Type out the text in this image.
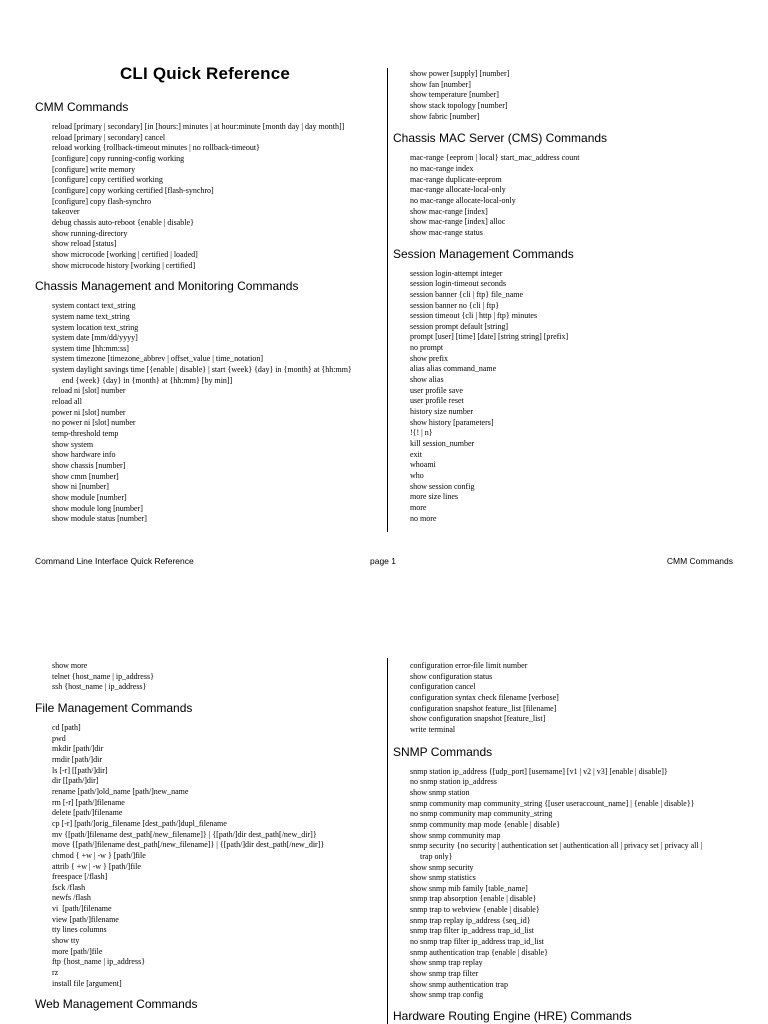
CLI Quick Reference
CMM Commands
reload [primary | secondary] [in [hours:] minutes | at hour:minute [month day | day month]]
reload [primary | secondary] cancel
reload working {rollback-timeout minutes | no rollback-timeout}
[configure] copy running-config working
[configure] write memory
[configure] copy certified working
[configure] copy working certified [flash-synchro]
[configure] copy flash-synchro
takeover
debug chassis auto-reboot {enable | disable}
show running-directory
show reload [status]
show microcode [working | certified | loaded]
show microcode history [working | certified]
Chassis Management and Monitoring Commands
system contact text_string
system name text_string
system location text_string
system date [mm/dd/yyyy]
system time [hh:mm:ss]
system timezone [timezone_abbrev | offset_value | time_notation]
system daylight savings time [{enable | disable} | start {week} {day} in {month} at {hh:mm}
end {week} {day} in {month} at {hh:mm} [by min]]
reload ni [slot] number
reload all
power ni [slot] number
no power ni [slot] number
temp-threshold temp
show system
show hardware info
show chassis [number]
show cmm [number]
show ni [number]
show module [number]
show module long [number]
show module status [number]
show power [supply] [number]
show fan [number]
show temperature [number]
show stack topology [number]
show fabric [number]
Chassis MAC Server (CMS) Commands
mac-range {eeprom | local} start_mac_address count
no mac-range index
mac-range duplicate-eeprom
mac-range allocate-local-only
no mac-range allocate-local-only
show mac-range [index]
show mac-range [index] alloc
show mac-range status
Session Management Commands
session login-attempt integer
session login-timeout seconds
session banner {cli | ftp} file_name
session banner no {cli | ftp}
session timeout {cli | http | ftp} minutes
session prompt default [string]
prompt [user] [time] [date] [string string] [prefix]
no prompt
show prefix
alias alias command_name
show alias
user profile save
user profile reset
history size number
show history [parameters]
!{! | n}
kill session_number
exit
whoami
who
show session config
more size lines
more
no more
Command Line Interface Quick Reference	page 1	CMM Commands
show more
telnet {host_name | ip_address}
ssh {host_name | ip_address}
File Management Commands
cd [path]
pwd
mkdir [path/]dir
rmdir [path/]dir
ls [-r] [[path/]dir]
dir [[path/]dir]
rename [path/]old_name [path/]new_name
rm [-r] [path/]filename
delete [path/]filename
cp [-r] [path/]orig_filename [dest_path/]dupl_filename
mv {[path/]filename dest_path[/new_filename]} | {[path/]dir dest_path[/new_dir]}
move {[path/]filename dest_path[/new_filename]} | {[path/]dir dest_path[/new_dir]}
chmod { +w | -w } [path/]file
attrib { +w | -w } [path/]file
freespace [/flash]
fsck /flash
newfs /flash
vi  [path/]filename
view [path/]filename
tty lines columns
show tty
more [path/]file
ftp {host_name | ip_address}
rz
install file [argument]
Web Management Commands
configuration error-file limit number
show configuration status
configuration cancel
configuration syntax check filename [verbose]
configuration snapshot feature_list [filename]
show configuration snapshot [feature_list]
write terminal
SNMP Commands
snmp station ip_address {[udp_port] [username] [v1 | v2 | v3] [enable | disable]}
no snmp station ip_address
show snmp station
snmp community map community_string {[user useraccount_name] | {enable | disable}}
no snmp community map community_string
snmp community map mode {enable | disable}
show snmp community map
snmp security {no security | authentication set | authentication all | privacy set | privacy all |
trap only}
show snmp security
show snmp statistics
show snmp mib family [table_name]
snmp trap absorption {enable | disable}
snmp trap to webview {enable | disable}
snmp trap replay ip_address {seq_id}
snmp trap filter ip_address trap_id_list
no snmp trap filter ip_address trap_id_list
snmp authentication trap {enable | disable}
show snmp trap replay
show snmp trap filter
show snmp authentication trap
show snmp trap config
Hardware Routing Engine (HRE) Commands
